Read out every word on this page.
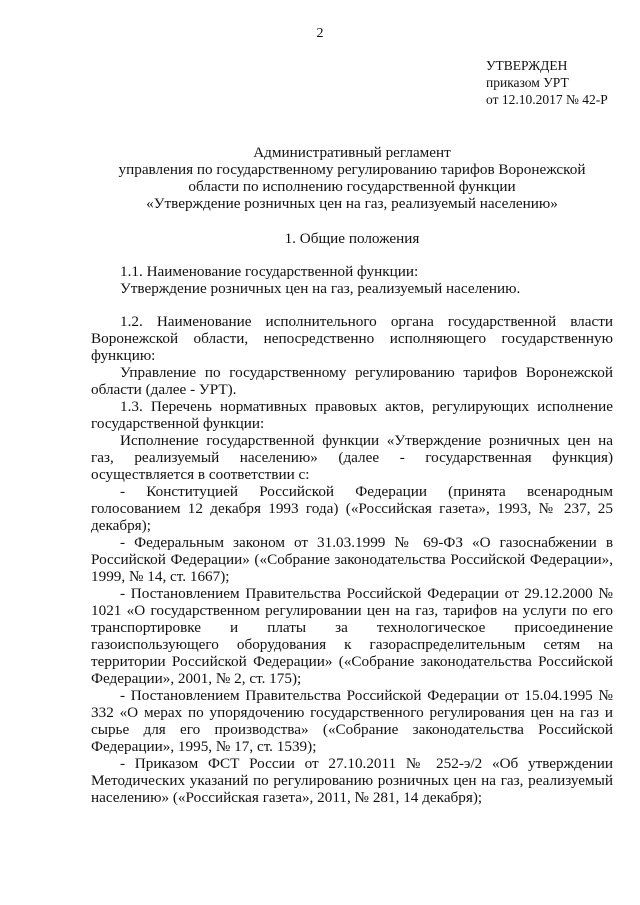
2
УТВЕРЖДЕН
приказом УРТ
от 12.10.2017 № 42-Р
Административный регламент
управления по государственному регулированию тарифов Воронежской
области по исполнению государственной функции
«Утверждение розничных цен на газ, реализуемый населению»
1. Общие положения

1.1. Наименование государственной функции:

Утверждение розничных цен на газ, реализуемый населению.

1.2. Наименование исполнительного органа государственной власти Воронежской области, непосредственно исполняющего государственную функцию:

Управление по государственному регулированию тарифов Воронежской области (далее - УРТ).

1.3. Перечень нормативных правовых актов, регулирующих исполнение государственной функции:

Исполнение государственной функции «Утверждение розничных цен на газ, реализуемый населению» (далее - государственная функция) осуществляется в соответствии с:

- Конституцией Российской Федерации (принята всенародным голосованием 12 декабря 1993 года) («Российская газета», 1993, № 237, 25 декабря);

- Федеральным законом от 31.03.1999 № 69-ФЗ «О газоснабжении в Российской Федерации» («Собрание законодательства Российской Федерации», 1999, № 14, ст. 1667);

- Постановлением Правительства Российской Федерации от 29.12.2000 № 1021 «О государственном регулировании цен на газ, тарифов на услуги по его транспортировке и платы за технологическое присоединение газоиспользующего оборудования к газораспределительным сетям на территории Российской Федерации» («Собрание законодательства Российской Федерации», 2001, № 2, ст. 175);

- Постановлением Правительства Российской Федерации от 15.04.1995 № 332 «О мерах по упорядочению государственного регулирования цен на газ и сырье для его производства» («Собрание законодательства Российской Федерации», 1995, № 17, ст. 1539);

- Приказом ФСТ России от 27.10.2011 № 252-э/2 «Об утверждении Методических указаний по регулированию розничных цен на газ, реализуемый населению» («Российская газета», 2011, № 281, 14 декабря);
